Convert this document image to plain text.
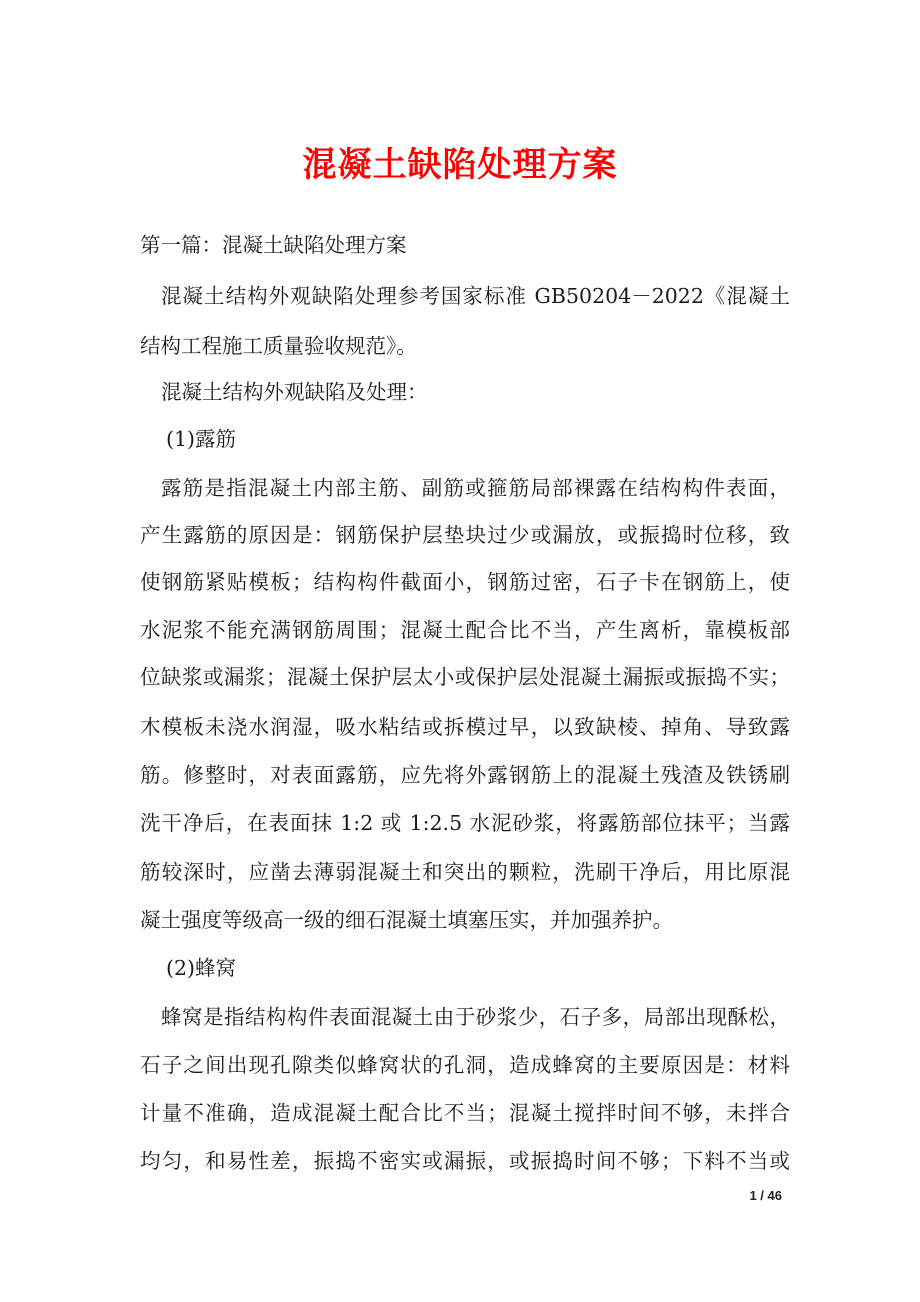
混凝土缺陷处理方案
第一篇：混凝土缺陷处理方案
混凝土结构外观缺陷处理参考国家标准 GB50204－2022《混凝土
结构工程施工质量验收规范》。
混凝土结构外观缺陷及处理：
(1)露筋
露筋是指混凝土内部主筋、副筋或箍筋局部裸露在结构构件表面，
产生露筋的原因是：钢筋保护层垫块过少或漏放，或振捣时位移，致
使钢筋紧贴模板；结构构件截面小，钢筋过密，石子卡在钢筋上，使
水泥浆不能充满钢筋周围；混凝土配合比不当，产生离析，靠模板部
位缺浆或漏浆；混凝土保护层太小或保护层处混凝土漏振或振捣不实；
木模板未浇水润湿，吸水粘结或拆模过早，以致缺棱、掉角、导致露
筋。修整时，对表面露筋，应先将外露钢筋上的混凝土残渣及铁锈刷
洗干净后，在表面抹 1:2 或 1:2.5 水泥砂浆，将露筋部位抹平；当露
筋较深时，应凿去薄弱混凝土和突出的颗粒，洗刷干净后，用比原混
凝土强度等级高一级的细石混凝土填塞压实，并加强养护。
(2)蜂窝
蜂窝是指结构构件表面混凝土由于砂浆少，石子多，局部出现酥松，
石子之间出现孔隙类似蜂窝状的孔洞，造成蜂窝的主要原因是：材料
计量不准确，造成混凝土配合比不当；混凝土搅拌时间不够，未拌合
均匀，和易性差，振捣不密实或漏振，或振捣时间不够；下料不当或
1 / 46
